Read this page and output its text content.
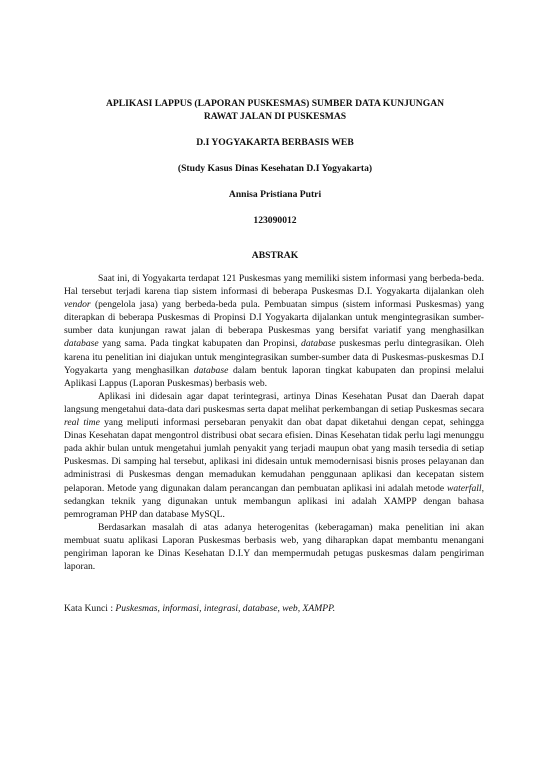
APLIKASI LAPPUS (LAPORAN PUSKESMAS) SUMBER DATA KUNJUNGAN
RAWAT JALAN DI PUSKESMAS
D.I YOGYAKARTA BERBASIS WEB
(Study Kasus Dinas Kesehatan D.I Yogyakarta)
Annisa Pristiana Putri
123090012
ABSTRAK

Saat ini, di Yogyakarta terdapat 121 Puskesmas yang memiliki sistem informasi yang berbeda-beda. Hal tersebut terjadi karena tiap sistem informasi di beberapa Puskesmas D.I. Yogyakarta dijalankan oleh vendor (pengelola jasa) yang berbeda-beda pula. Pembuatan simpus (sistem informasi Puskesmas) yang diterapkan di beberapa Puskesmas di Propinsi D.I Yogyakarta dijalankan untuk mengintegrasikan sumber-sumber data kunjungan rawat jalan di beberapa Puskesmas yang bersifat variatif yang menghasilkan database yang sama. Pada tingkat kabupaten dan Propinsi, database puskesmas perlu dintegrasikan. Oleh karena itu penelitian ini diajukan untuk mengintegrasikan sumber-sumber data di Puskesmas-puskesmas D.I Yogyakarta yang menghasilkan database dalam bentuk laporan tingkat kabupaten dan propinsi melalui Aplikasi Lappus (Laporan Puskesmas) berbasis web.

Aplikasi ini didesain agar dapat terintegrasi, artinya Dinas Kesehatan Pusat dan Daerah dapat langsung mengetahui data-data dari puskesmas serta dapat melihat perkembangan di setiap Puskesmas secara real time yang meliputi informasi persebaran penyakit dan obat dapat diketahui dengan cepat, sehingga Dinas Kesehatan dapat mengontrol distribusi obat secara efisien. Dinas Kesehatan tidak perlu lagi menunggu pada akhir bulan untuk mengetahui jumlah penyakit yang terjadi maupun obat yang masih tersedia di setiap Puskesmas. Di samping hal tersebut, aplikasi ini didesain untuk memodernisasi bisnis proses pelayanan dan administrasi di Puskesmas dengan memadukan kemudahan penggunaan aplikasi dan kecepatan sistem pelaporan. Metode yang digunakan dalam perancangan dan pembuatan aplikasi ini adalah metode waterfall, sedangkan teknik yang digunakan untuk membangun aplikasi ini adalah XAMPP dengan bahasa pemrograman PHP dan database MySQL.

Berdasarkan masalah di atas adanya heterogenitas (keberagaman) maka penelitian ini akan membuat suatu aplikasi Laporan Puskesmas berbasis web, yang diharapkan dapat membantu menangani pengiriman laporan ke Dinas Kesehatan D.I.Y dan mempermudah petugas puskesmas dalam pengiriman laporan.

Kata Kunci : Puskesmas, informasi, integrasi, database, web, XAMPP.
